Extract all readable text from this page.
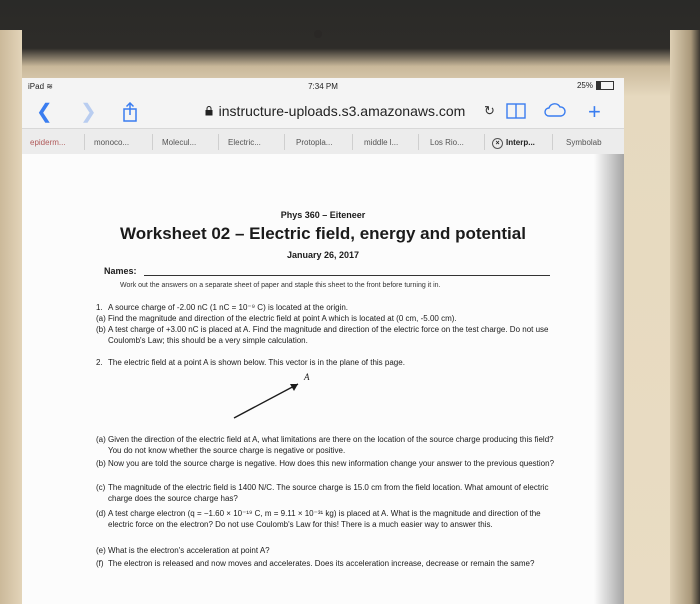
iPad ≋	7:34 PM	25%
❮ ❯	instructure-uploads.s3.amazonaws.com ↻	+
epiderm...	monoco...	Molecul...	Electric...	Protopla...	middle l...	Los Rio...	× Interp...	Symbolab
Phys 360 – Eiteneer
Worksheet 02 – Electric field, energy and potential
January 26, 2017
Names:
Work out the answers on a separate sheet of paper and staple this sheet to the front before turning it in.
1. A source charge of -2.00 nC (1 nC = 10⁻⁹ C) is located at the origin.
(a) Find the magnitude and direction of the electric field at point A which is located at (0 cm, -5.00 cm).
(b) A test charge of +3.00 nC is placed at A. Find the magnitude and direction of the electric force on the test charge. Do not use Coulomb's Law; this should be a very simple calculation.
2. The electric field at a point A is shown below. This vector is in the plane of this page.
A
(a) Given the direction of the electric field at A, what limitations are there on the location of the source charge producing this field? You do not know whether the source charge is negative or positive.
(b) Now you are told the source charge is negative. How does this new information change your answer to the previous question?
(c) The magnitude of the electric field is 1400 N/C. The source charge is 15.0 cm from the field location. What amount of electric charge does the source charge has?
(d) A test charge electron (q = −1.60 × 10⁻¹⁹ C, m = 9.11 × 10⁻³¹ kg) is placed at A. What is the magnitude and direction of the electric force on the electron? Do not use Coulomb's Law for this! There is a much easier way to answer this.
(e) What is the electron's acceleration at point A?
(f) The electron is released and now moves and accelerates. Does its acceleration increase, decrease or remain the same?
